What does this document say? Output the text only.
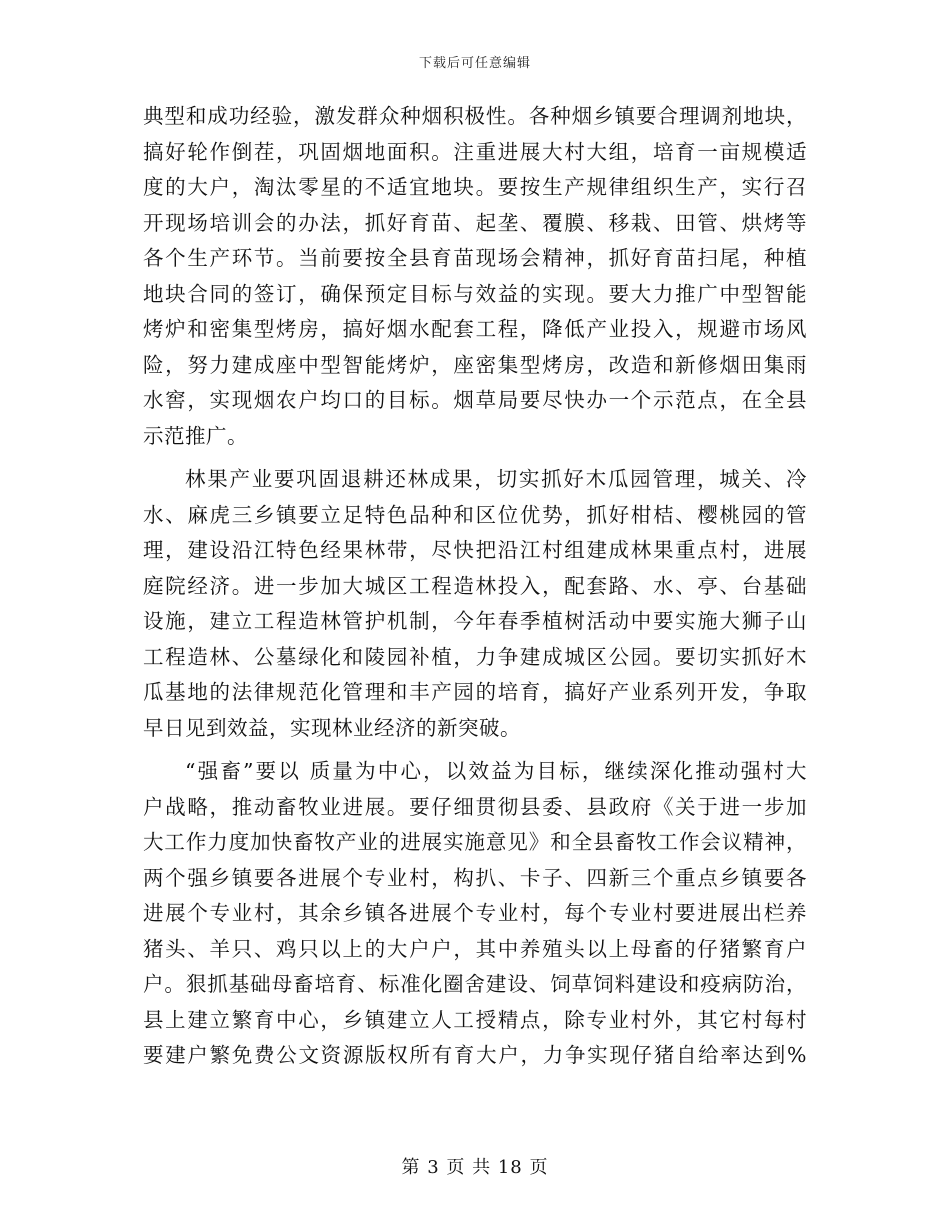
下载后可任意编辑
典型和成功经验，激发群众种烟积极性。各种烟乡镇要合理调剂地块，
搞好轮作倒茬，巩固烟地面积。注重进展大村大组，培育一亩规模适
度的大户，淘汰零星的不适宜地块。要按生产规律组织生产，实行召
开现场培训会的办法，抓好育苗、起垄、覆膜、移栽、田管、烘烤等
各个生产环节。当前要按全县育苗现场会精神，抓好育苗扫尾，种植
地块合同的签订，确保预定目标与效益的实现。要大力推广中型智能
烤炉和密集型烤房，搞好烟水配套工程，降低产业投入，规避市场风
险，努力建成座中型智能烤炉，座密集型烤房，改造和新修烟田集雨
水窖，实现烟农户均口的目标。烟草局要尽快办一个示范点，在全县
示范推广。
林果产业要巩固退耕还林成果，切实抓好木瓜园管理，城关、冷
水、麻虎三乡镇要立足特色品种和区位优势，抓好柑桔、樱桃园的管
理，建设沿江特色经果林带，尽快把沿江村组建成林果重点村，进展
庭院经济。进一步加大城区工程造林投入，配套路、水、亭、台基础
设施，建立工程造林管护机制，今年春季植树活动中要实施大狮子山
工程造林、公墓绿化和陵园补植，力争建成城区公园。要切实抓好木
瓜基地的法律规范化管理和丰产园的培育，搞好产业系列开发，争取
早日见到效益，实现林业经济的新突破。
“强畜”要以 质量为中心，以效益为目标，继续深化推动强村大
户战略，推动畜牧业进展。要仔细贯彻县委、县政府《关于进一步加
大工作力度加快畜牧产业的进展实施意见》和全县畜牧工作会议精神，
两个强乡镇要各进展个专业村，构扒、卡子、四新三个重点乡镇要各
进展个专业村，其余乡镇各进展个专业村，每个专业村要进展出栏养
猪头、羊只、鸡只以上的大户户，其中养殖头以上母畜的仔猪繁育户
户。狠抓基础母畜培育、标准化圈舍建设、饲草饲料建设和疫病防治，
县上建立繁育中心，乡镇建立人工授精点，除专业村外，其它村每村
要建户繁免费公文资源版权所有育大户，力争实现仔猪自给率达到%
第 3 页 共 18 页
